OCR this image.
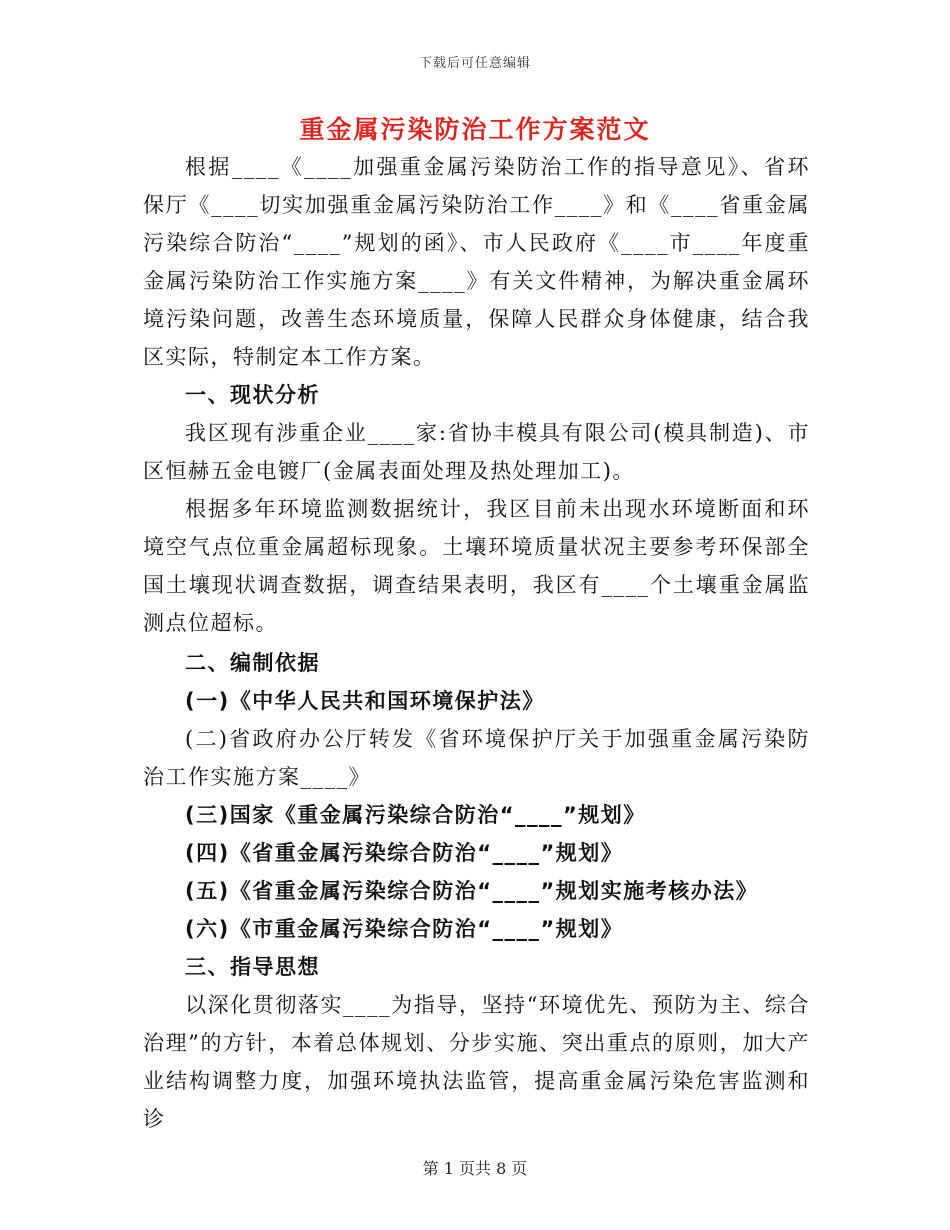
下载后可任意编辑
重金属污染防治工作方案范文

根据____《____加强重金属污染防治工作的指导意见》、省环保厅《____切实加强重金属污染防治工作____》和《____省重金属污染综合防治“____”规划的函》、市人民政府《____市____年度重金属污染防治工作实施方案____》有关文件精神，为解决重金属环境污染问题，改善生态环境质量，保障人民群众身体健康，结合我区实际，特制定本工作方案。

一、现状分析

我区现有涉重企业____家:省协丰模具有限公司(模具制造)、市区恒赫五金电镀厂(金属表面处理及热处理加工)。

根据多年环境监测数据统计，我区目前未出现水环境断面和环境空气点位重金属超标现象。土壤环境质量状况主要参考环保部全国土壤现状调查数据，调查结果表明，我区有____个土壤重金属监测点位超标。

二、编制依据

(一)《中华人民共和国环境保护法》

(二)省政府办公厅转发《省环境保护厅关于加强重金属污染防治工作实施方案____》

(三)国家《重金属污染综合防治“____”规划》

(四)《省重金属污染综合防治“____”规划》

(五)《省重金属污染综合防治“____”规划实施考核办法》

(六)《市重金属污染综合防治“____”规划》

三、指导思想

以深化贯彻落实____为指导，坚持“环境优先、预防为主、综合治理”的方针，本着总体规划、分步实施、突出重点的原则，加大产业结构调整力度，加强环境执法监管，提高重金属污染危害监测和诊

第 1 页共 8 页
